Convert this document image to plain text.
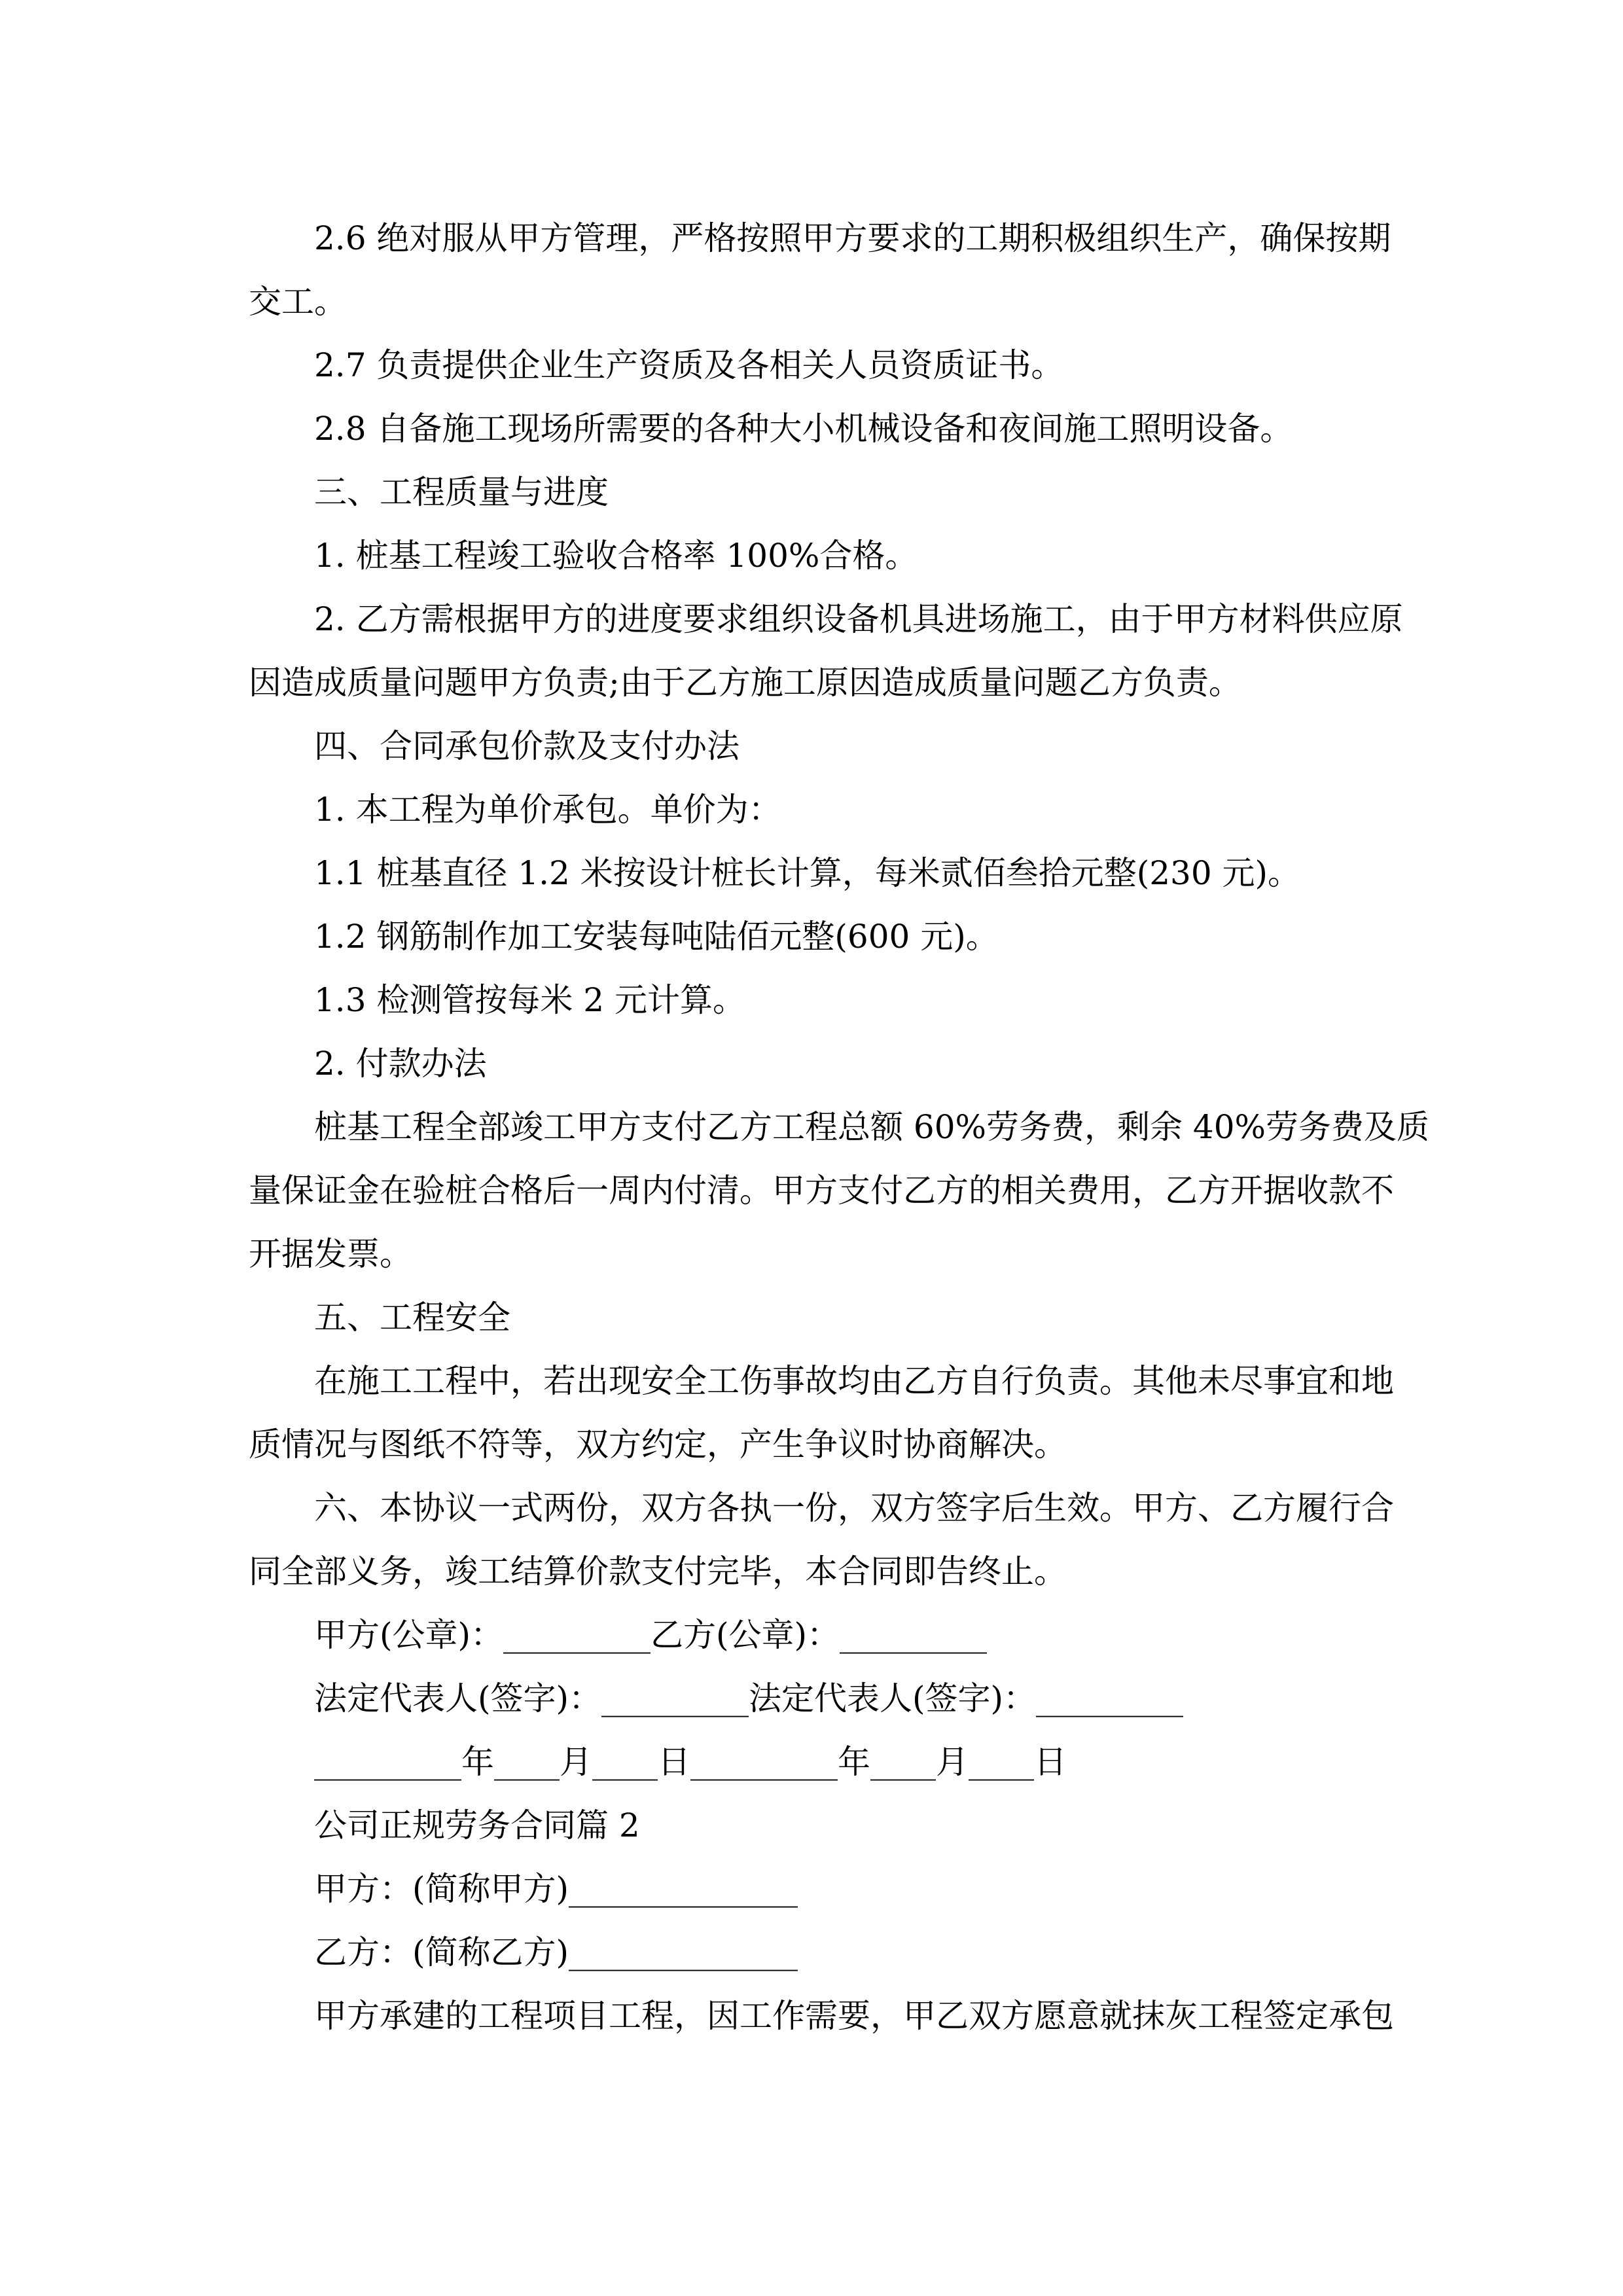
2.6 绝对服从甲方管理，严格按照甲方要求的工期积极组织生产，确保按期
交工。
2.7 负责提供企业生产资质及各相关人员资质证书。
2.8 自备施工现场所需要的各种大小机械设备和夜间施工照明设备。
三、工程质量与进度
1. 桩基工程竣工验收合格率 100%合格。
2. 乙方需根据甲方的进度要求组织设备机具进场施工，由于甲方材料供应原
因造成质量问题甲方负责;由于乙方施工原因造成质量问题乙方负责。
四、合同承包价款及支付办法
1. 本工程为单价承包。单价为：
1.1 桩基直径 1.2 米按设计桩长计算，每米贰佰叁拾元整(230 元)。
1.2 钢筋制作加工安装每吨陆佰元整(600 元)。
1.3 检测管按每米 2 元计算。
2. 付款办法
桩基工程全部竣工甲方支付乙方工程总额 60%劳务费，剩余 40%劳务费及质
量保证金在验桩合格后一周内付清。甲方支付乙方的相关费用，乙方开据收款不
开据发票。
五、工程安全
在施工工程中，若出现安全工伤事故均由乙方自行负责。其他未尽事宜和地
质情况与图纸不符等，双方约定，产生争议时协商解决。
六、本协议一式两份，双方各执一份，双方签字后生效。甲方、乙方履行合
同全部义务，竣工结算价款支付完毕，本合同即告终止。
甲方(公章)：_________乙方(公章)：_________
法定代表人(签字)：_________法定代表人(签字)：_________
_________年____月____日_________年____月____日
公司正规劳务合同篇 2
甲方：(简称甲方)______________
乙方：(简称乙方)______________
甲方承建的工程项目工程，因工作需要，甲乙双方愿意就抹灰工程签定承包
